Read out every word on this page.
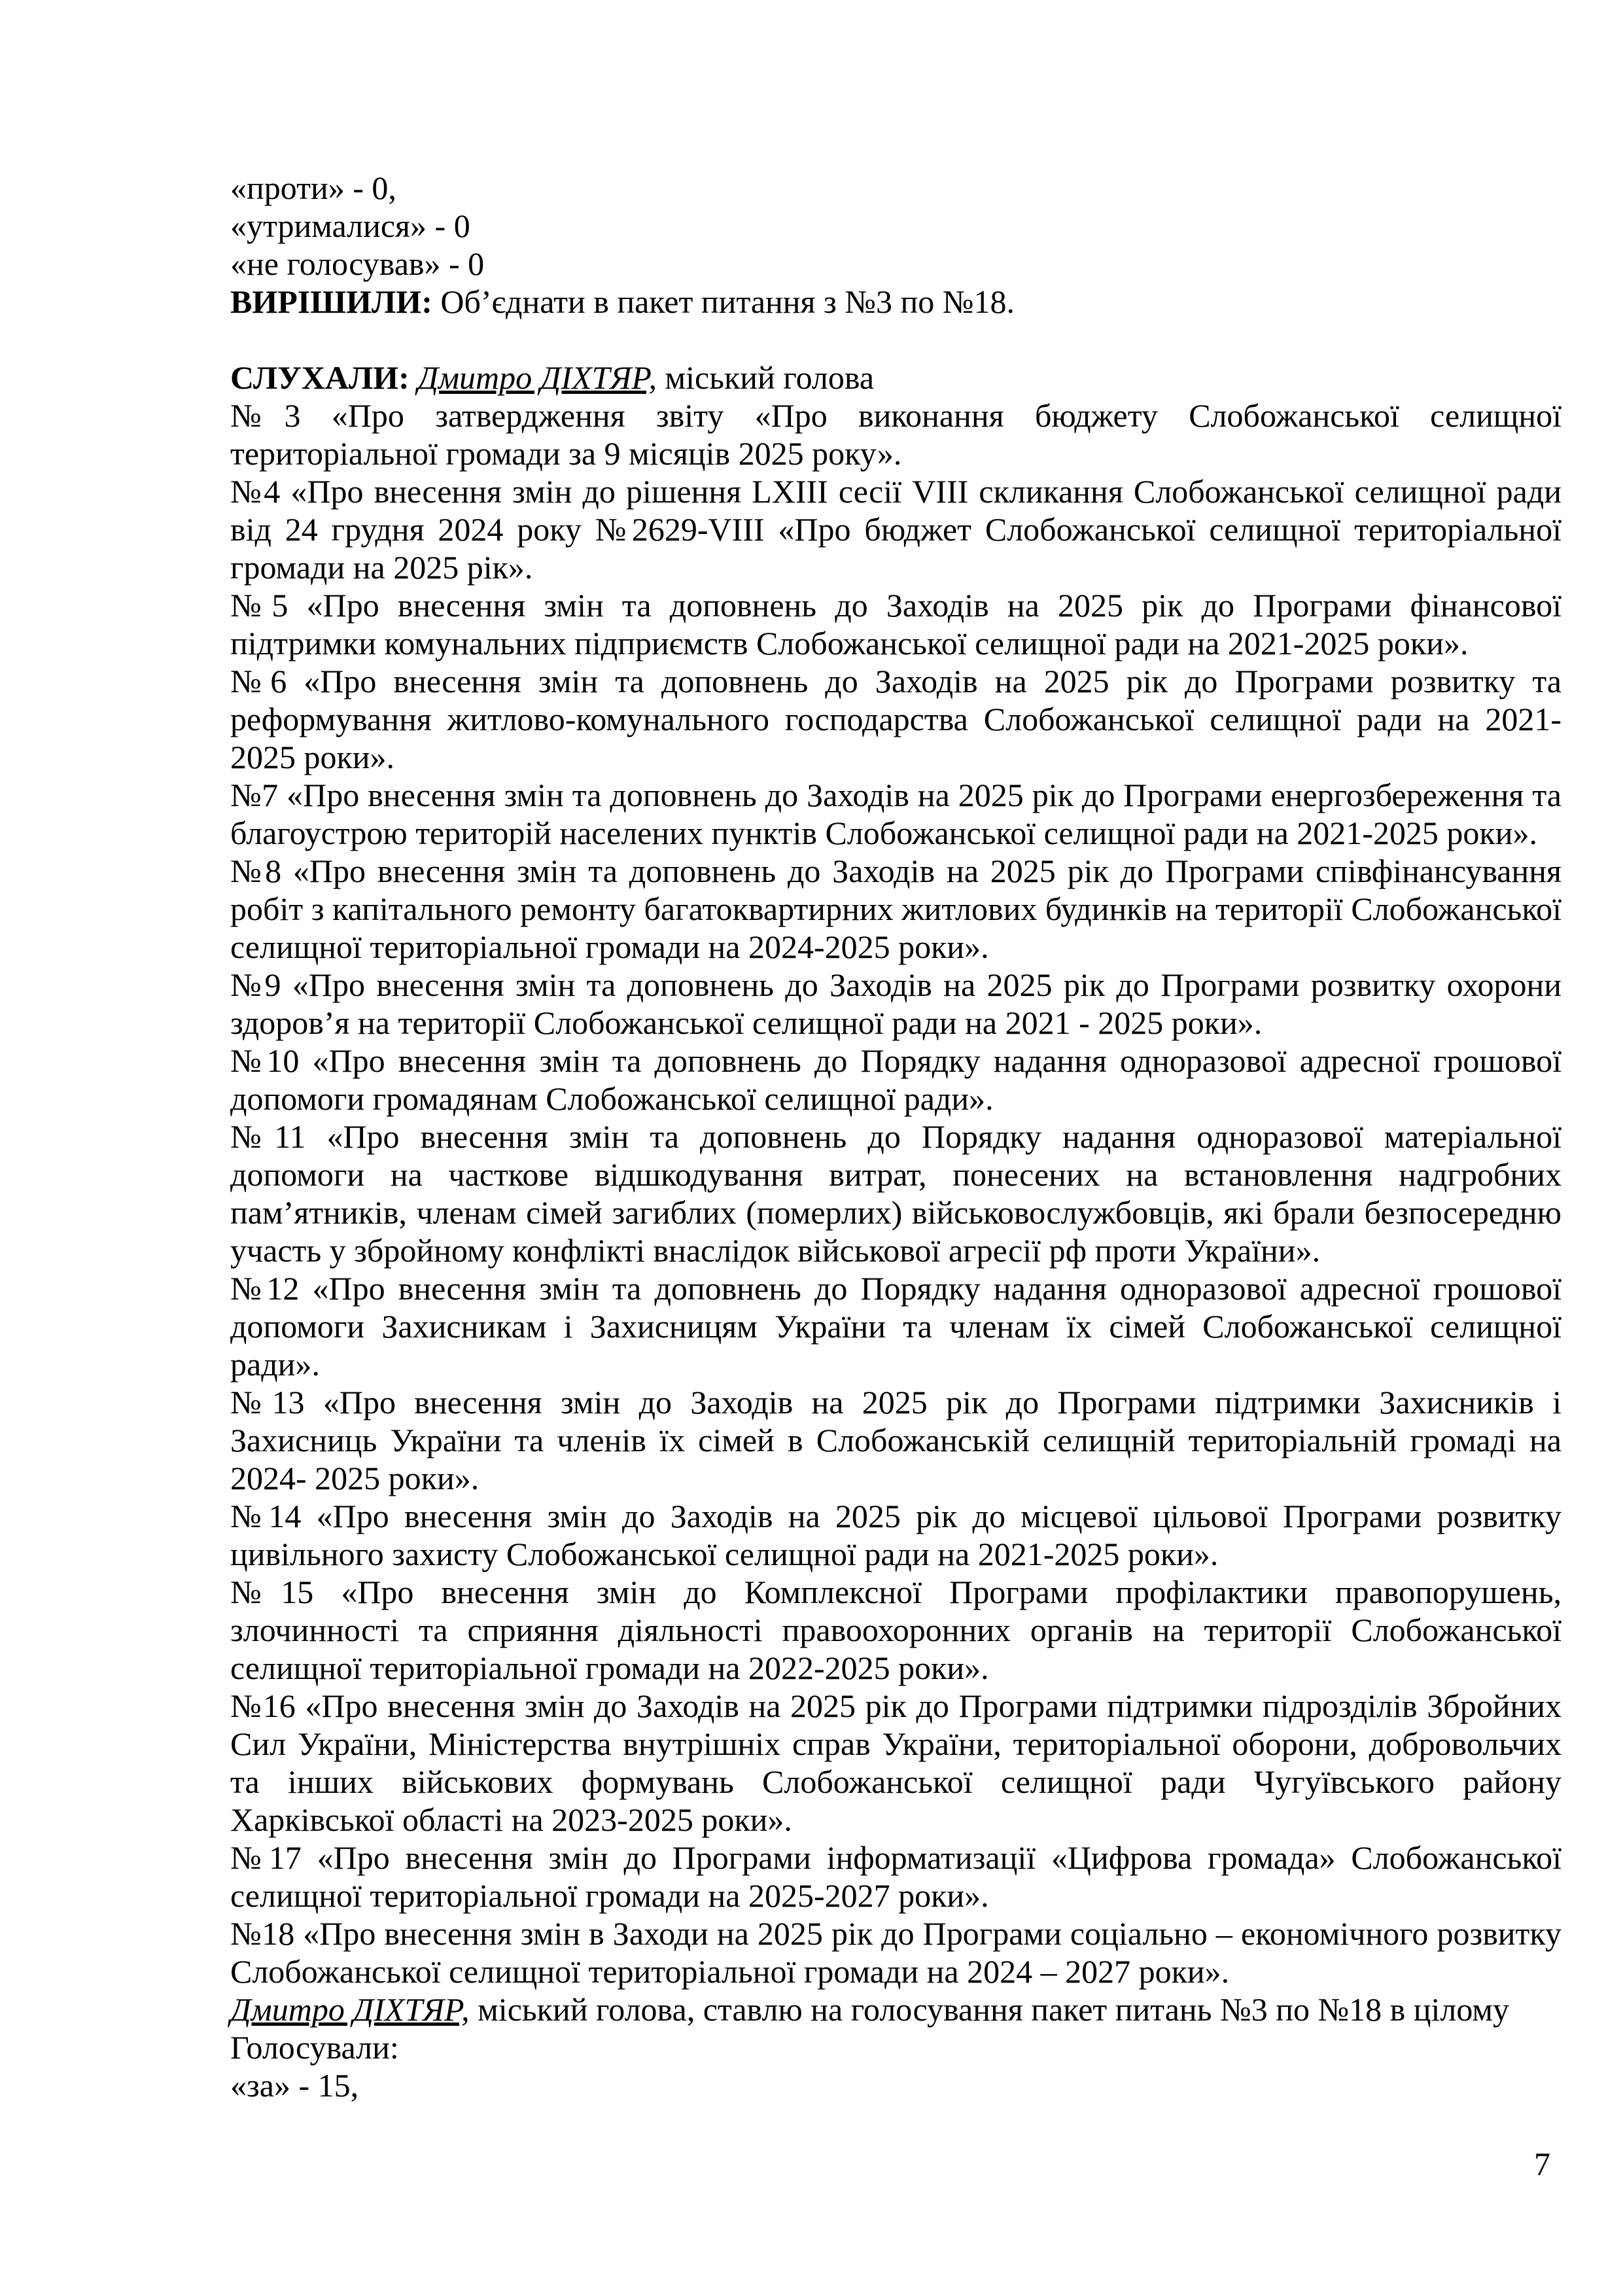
«проти» - 0,
«утрималися» - 0
«не голосував» - 0
ВИРІШИЛИ: Об’єднати в пакет питання з №3 по №18.
СЛУХАЛИ: Дмитро ДІХТЯР, міський голова
№3 «Про затвердження звіту «Про виконання бюджету Слобожанської селищної територіальної громади за 9 місяців 2025 року».
№4 «Про внесення змін до рішення LXIII сесії VIII скликання Слобожанської селищної ради від 24 грудня 2024 року №2629-VIII «Про бюджет Слобожанської селищної територіальної громади на 2025 рік».
№5 «Про внесення змін та доповнень до Заходів на 2025 рік до Програми фінансової підтримки комунальних підприємств Слобожанської селищної ради на 2021-2025 роки».
№6 «Про внесення змін та доповнень до Заходів на 2025 рік до Програми розвитку та реформування житлово-комунального господарства Слобожанської селищної ради на 2021-2025 роки».
№7 «Про внесення змін та доповнень до Заходів на 2025 рік до Програми енергозбереження та благоустрою територій населених пунктів Слобожанської селищної ради на 2021-2025 роки».
№8 «Про внесення змін та доповнень до Заходів на 2025 рік до Програми співфінансування робіт з капітального ремонту багатоквартирних житлових будинків на території Слобожанської селищної територіальної громади на 2024-2025 роки».
№9 «Про внесення змін та доповнень до Заходів на 2025 рік до Програми розвитку охорони здоров’я на території Слобожанської селищної ради на 2021 - 2025 роки».
№10 «Про внесення змін та доповнень до Порядку надання одноразової адресної грошової допомоги громадянам Слобожанської селищної ради».
№11 «Про внесення змін та доповнень до Порядку надання одноразової матеріальної допомоги на часткове відшкодування витрат, понесених на встановлення надгробних пам’ятників, членам сімей загиблих (померлих) військовослужбовців, які брали безпосередню участь у збройному конфлікті внаслідок військової агресії рф проти України».
№12 «Про внесення змін та доповнень до Порядку надання одноразової адресної грошової допомоги Захисникам і Захисницям України та членам їх сімей Слобожанської селищної ради».
№13 «Про внесення змін до Заходів на 2025 рік до Програми підтримки Захисників і Захисниць України та членів їх сімей в Слобожанській селищній територіальній громаді на 2024- 2025 роки».
№14 «Про внесення змін до Заходів на 2025 рік до місцевої цільової Програми розвитку цивільного захисту Слобожанської селищної ради на 2021-2025 роки».
№15 «Про внесення змін до Комплексної Програми профілактики правопорушень, злочинності та сприяння діяльності правоохоронних органів на території Слобожанської селищної територіальної громади на 2022-2025 роки».
№16 «Про внесення змін до Заходів на 2025 рік до Програми підтримки підрозділів Збройних Сил України, Міністерства внутрішніх справ України, територіальної оборони, добровольчих та інших військових формувань Слобожанської селищної ради Чугуївського району Харківської області на 2023-2025 роки».
№17 «Про внесення змін до Програми інформатизації «Цифрова громада» Слобожанської селищної територіальної громади на 2025-2027 роки».
№18 «Про внесення змін в Заходи на 2025 рік до Програми соціально – економічного розвитку Слобожанської селищної територіальної громади на 2024 – 2027 роки».
Дмитро ДІХТЯР, міський голова, ставлю на голосування пакет питань №3 по №18 в цілому
Голосували:
«за» - 15,
7
